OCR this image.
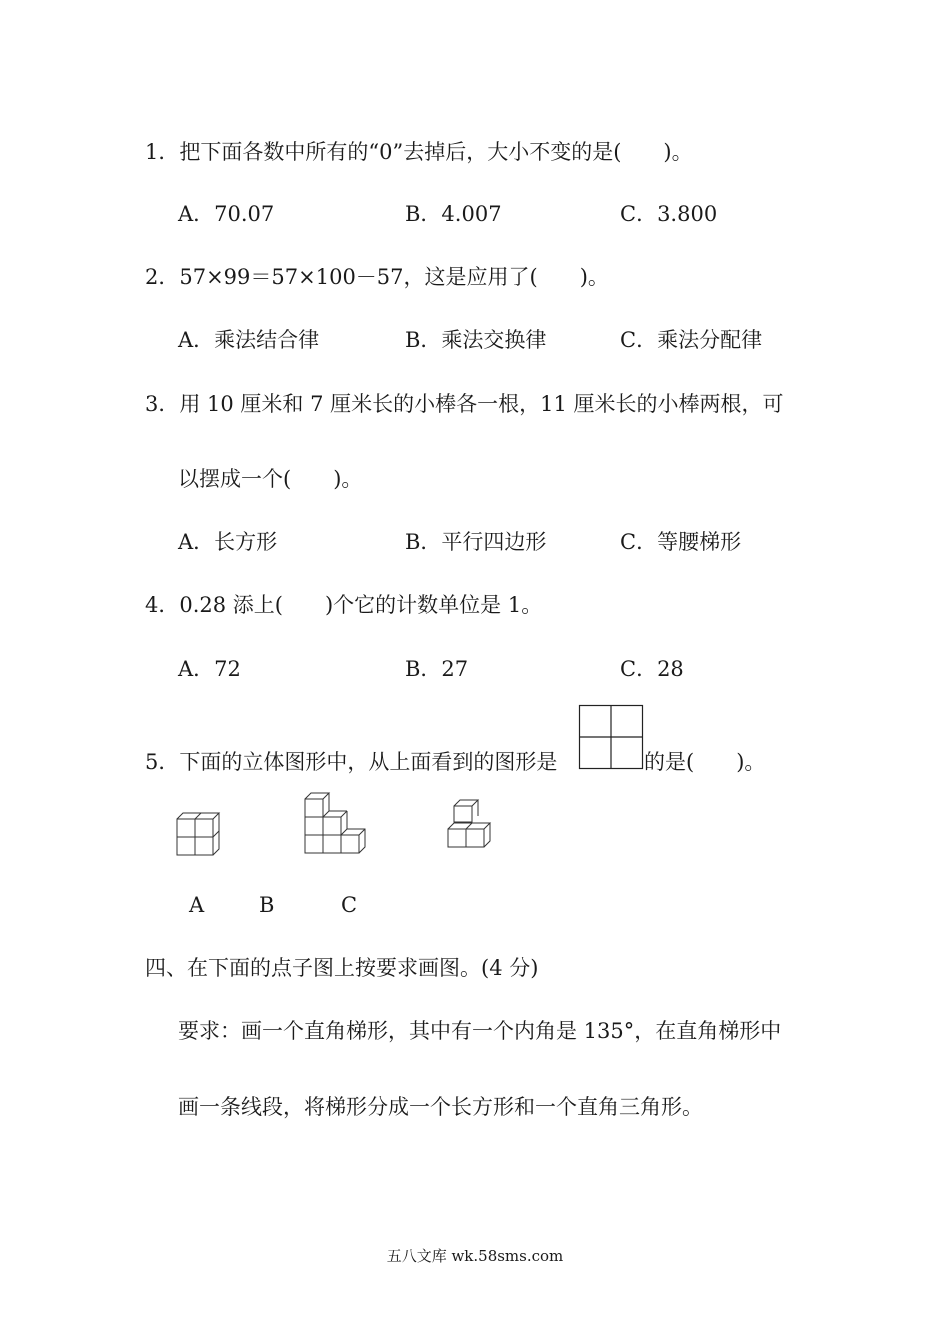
1．把下面各数中所有的“0”去掉后，大小不变的是(　　)。
A．70.07	B．4.007	C．3.800
2．57×99＝57×100－57，这是应用了(　　)。
A．乘法结合律	B．乘法交换律	C．乘法分配律
3．用 10 厘米和 7 厘米长的小棒各一根，11 厘米长的小棒两根，可
以摆成一个(　　)。
A．长方形	B．平行四边形	C．等腰梯形
4．0.28 添上(　　)个它的计数单位是 1。
A．72	B．27	C．28
5．下面的立体图形中，从上面看到的图形是	的是(　　)。
A	B	C
四、在下面的点子图上按要求画图。(4 分)
要求：画一个直角梯形，其中有一个内角是 135°，在直角梯形中
画一条线段，将梯形分成一个长方形和一个直角三角形。
五八文库 wk.58sms.com
